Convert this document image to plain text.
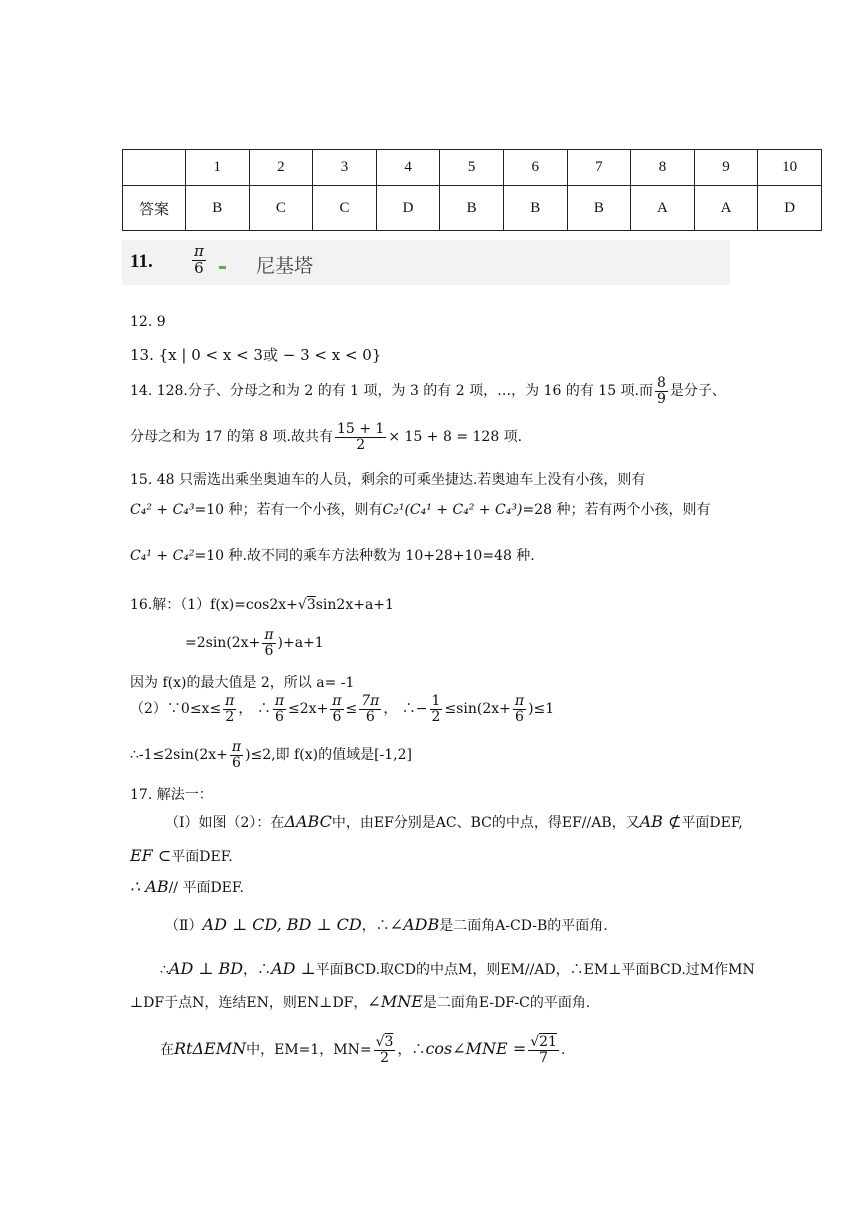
	1	2	3	4	5	6	7	8	9	10
答案	B	C	C	D	B	B	B	A	A	D
11.	$\frac{\pi}{6}$	尼基塔
12. 9
13. {x | 0 < x < 3或 − 3 < x < 0}
14. 128.分子、分母之和为 2 的有 1 项，为 3 的有 2 项，…，为 16 的有 15 项.而 $\frac{8}{9}$ 是分子、
分母之和为 17 的第 8 项.故共有 $\frac{15 + 1}{2} \times 15 + 8 = 128$ 项.
15. 48 只需选出乘坐奥迪车的人员，剩余的可乘坐捷达.若奥迪车上没有小孩，则有
C₄² + C₄³=10 种；若有一个小孩，则有C₂¹(C₄¹ + C₄² + C₄³)=28 种；若有两个小孩，则有
C₄¹ + C₄²=10 种.故不同的乘车方法种数为 10+28+10=48 种.
16.解：（1）f(x)=cos2x+√3sin2x+a+1
$=2\sin(2x+ \frac{\pi}{6} )+a+1$
因为 f(x)的最大值是 2，所以 a= -1
（2）∵0≤x≤ $\frac{\pi}{2}$ ， ∴ $\frac{\pi}{6} \le 2x+ \frac{\pi}{6} \le \frac{7\pi}{6}$ ， ∴− $\frac{1}{2} \le\sin(2x+ \frac{\pi}{6} )\le 1$
∴-1≤2sin(2x+ $\frac{\pi}{6} )\le 2$,即 f(x)的值域是[-1,2]
17. 解法一：
（Ⅰ）如图（2）：在ΔABC中，由EF分别是AC、BC的中点，得EF//AB，又AB ⊄平面DEF,
EF ⊂平面DEF.
∴ AB// 平面DEF.
（Ⅱ）AD ⊥ CD, BD ⊥ CD，∴∠ADB是二面角A-CD-B的平面角.
∴AD ⊥ BD，∴AD ⊥平面BCD.取CD的中点M，则EM//AD，∴EM⊥平面BCD.过M作MN
⊥DF于点N，连结EN，则EN⊥DF，∠MNE是二面角E-DF-C的平面角.
在RtΔEMN中，EM=1，$MN= \frac{√3}{2}$ ，∴cos∠MNE = $\frac{√21}{7}$ .
